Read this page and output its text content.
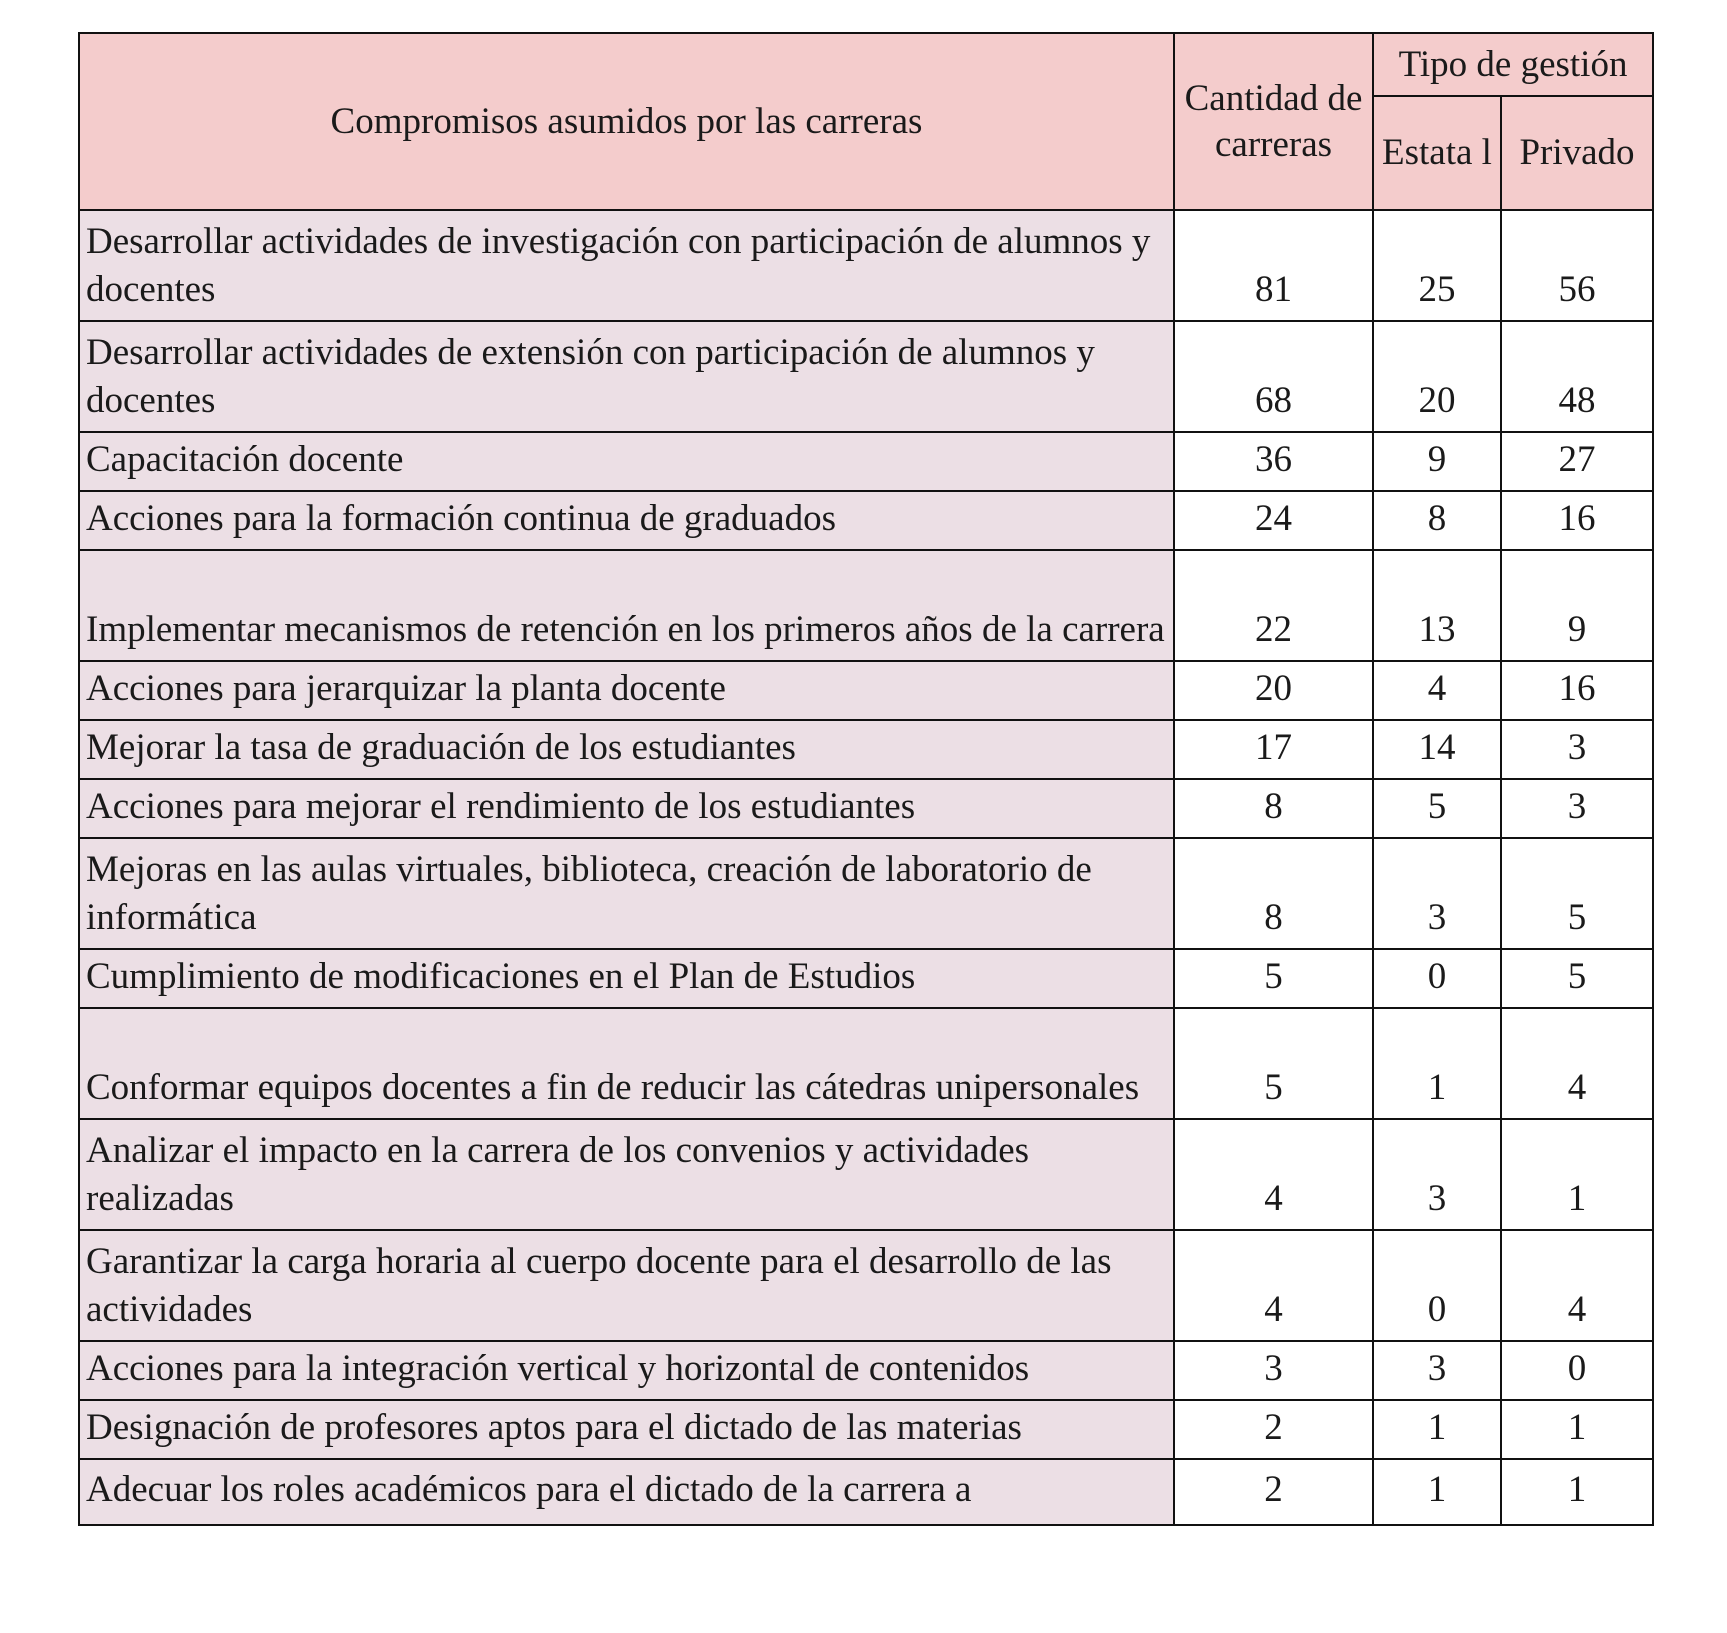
Compromisos asumidos por las carreras	Cantidad de carreras	Tipo de gestión	
		Estata l	Privado
Desarrollar actividades de investigación con participación de alumnos y docentes	81	25	56
Desarrollar actividades de extensión con participación de alumnos y docentes	68	20	48
Capacitación docente	36	9	27
Acciones para la formación continua de graduados	24	8	16
Implementar mecanismos de retención en los primeros años de la carrera	22	13	9
Acciones para jerarquizar la planta docente	20	4	16
Mejorar la tasa de graduación de los estudiantes	17	14	3
Acciones para mejorar el rendimiento de los estudiantes	8	5	3
Mejoras en las aulas virtuales, biblioteca, creación de laboratorio de informática	8	3	5
Cumplimiento de modificaciones en el Plan de Estudios	5	0	5
Conformar equipos docentes a fin de reducir las cátedras unipersonales	5	1	4
Analizar el impacto en la carrera de los convenios y actividades realizadas	4	3	1
Garantizar la carga horaria al cuerpo docente para el desarrollo de las actividades	4	0	4
Acciones para la integración vertical y horizontal de contenidos	3	3	0
Designación de profesores aptos para el dictado de las materias	2	1	1
Adecuar los roles académicos para el dictado de la carrera a	2	1	1
